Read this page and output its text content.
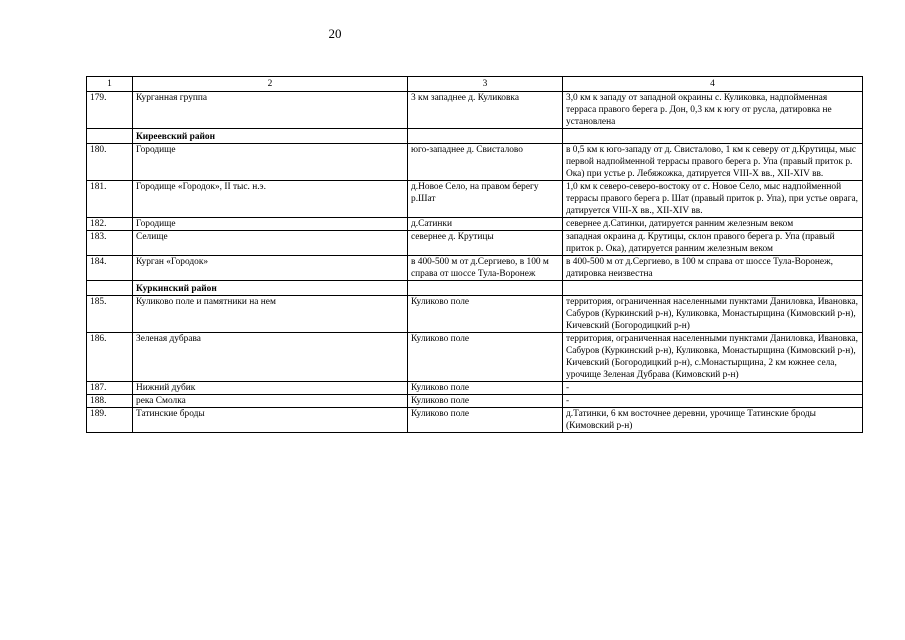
20
1	2	3	4
179.	Курганная группа	3 км западнее д. Куликовка	3,0 км к западу от западной окраины с. Куликовка, надпойменная терраса правого берега р. Дон, 0,3 км к югу от русла, датировка не установлена
	Киреевский район		
180.	Городище	юго-западнее д. Свисталово	в 0,5 км к юго-западу от д. Свисталово, 1 км к северу от д.Крутицы, мыс первой надпойменной террасы правого берега р. Упа (правый приток р. Ока) при устье р. Лебяжожка, датируется VIII-X вв., XII-XIV вв.
181.	Городище «Городок», II тыс. н.э.	д.Новое Село, на правом берегу р.Шат	1,0 км к северо-северо-востоку от с. Новое Село, мыс надпойменной террасы правого берега р. Шат (правый приток р. Упа), при устье оврага, датируется VIII-X вв., XII-XIV вв.
182.	Городище	д.Сатинки	севернее д.Сатинки, датируется ранним железным веком
183.	Селище	севернее д. Крутицы	западная окраина д. Крутицы, склон правого берега р. Упа (правый приток р. Ока), датируется ранним железным веком
184.	Курган «Городок»	в 400-500 м от д.Сергиево, в 100 м справа от шоссе Тула-Воронеж	в 400-500 м от д.Сергиево, в 100 м справа от шоссе Тула-Воронеж, датировка неизвестна
	Куркинский район		
185.	Куликово поле и памятники на нем	Куликово поле	территория, ограниченная населенными пунктами Даниловка, Ивановка, Сабуров (Куркинский р-н), Куликовка, Монастырщина (Кимовский р-н), Кичевский (Богородицкий р-н)
186.	Зеленая дубрава	Куликово поле	территория, ограниченная населенными пунктами Даниловка, Ивановка, Сабуров (Куркинский р-н), Куликовка, Монастырщина (Кимовский р-н), Кичевский (Богородицкий р-н), с.Монастырщина, 2 км южнее села, урочище Зеленая Дубрава (Кимовский р-н)
187.	Нижний дубик	Куликово поле	-
188.	река Смолка	Куликово поле	-
189.	Татинские броды	Куликово поле	д.Татинки, 6 км восточнее деревни, урочище Татинские броды (Кимовский р-н)
